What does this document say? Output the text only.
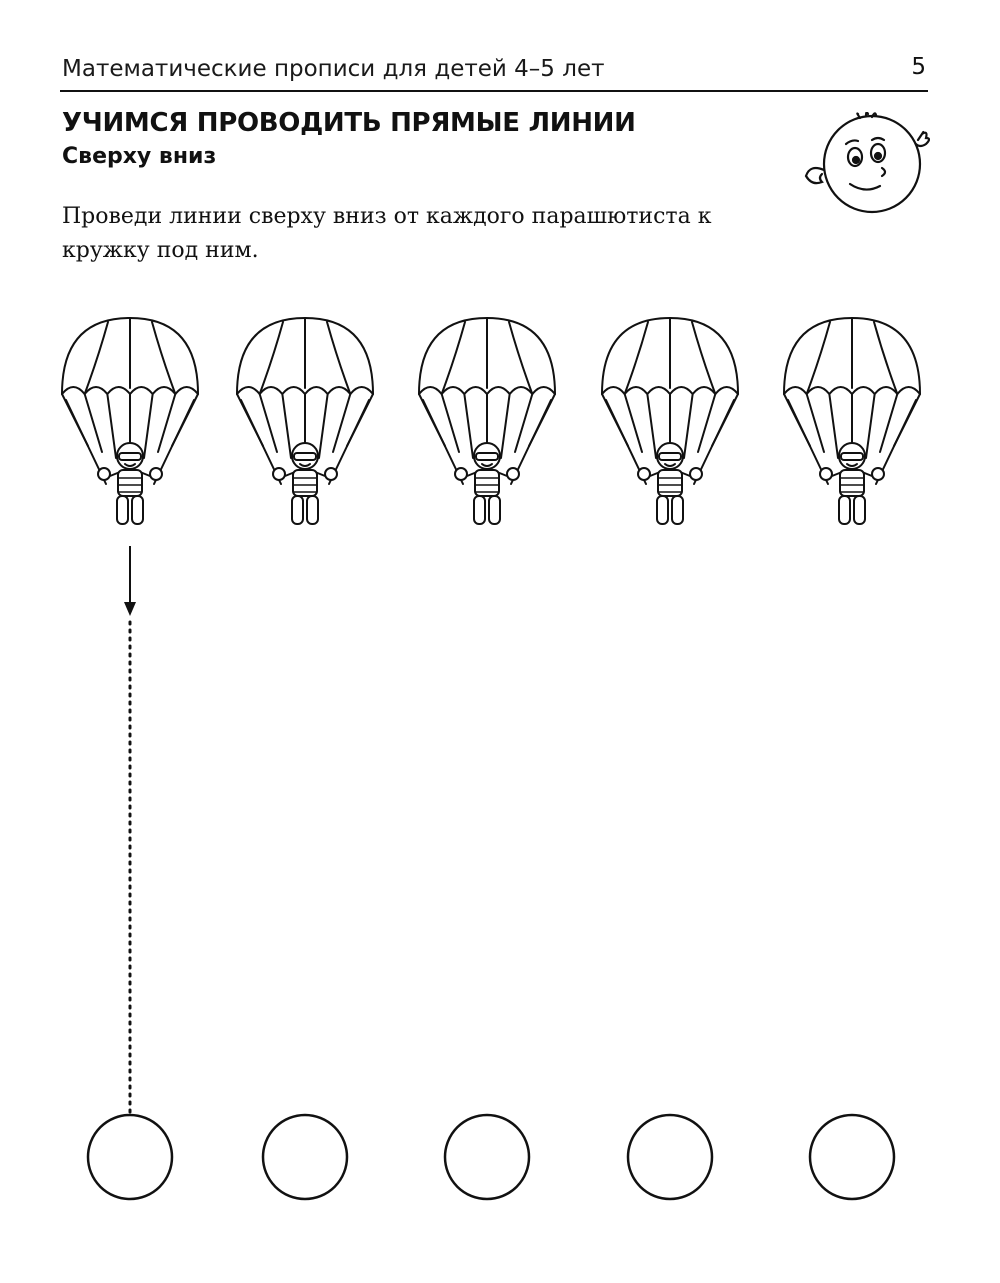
Математические прописи для детей 4–5 лет	5
УЧИМСЯ ПРОВОДИТЬ ПРЯМЫЕ ЛИНИИ
Сверху вниз
Проведи линии сверху вниз от каждого парашютиста к кружку под ним.
